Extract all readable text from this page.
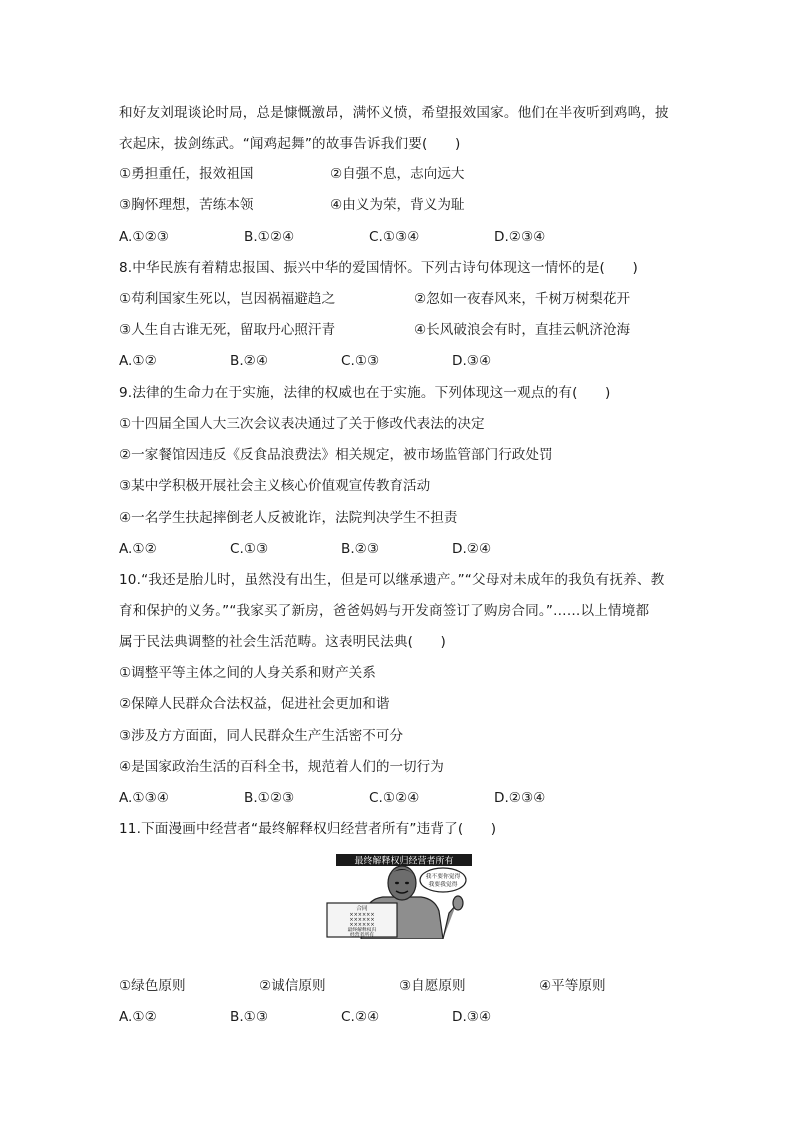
和好友刘琨谈论时局，总是慷慨激昂，满怀义愤，希望报效国家。他们在半夜听到鸡鸣，披
衣起床，拔剑练武。“闻鸡起舞”的故事告诉我们要(　　)
①勇担重任，报效祖国	②自强不息，志向远大
③胸怀理想，苦练本领	④由义为荣，背义为耻
A.①②③	B.①②④	C.①③④	D.②③④
8.中华民族有着精忠报国、振兴中华的爱国情怀。下列古诗句体现这一情怀的是(　　)
①苟利国家生死以，岂因祸福避趋之	②忽如一夜春风来，千树万树梨花开
③人生自古谁无死，留取丹心照汗青	④长风破浪会有时，直挂云帆济沧海
A.①②	B.②④	C.①③	D.③④
9.法律的生命力在于实施，法律的权威也在于实施。下列体现这一观点的有(　　)
①十四届全国人大三次会议表决通过了关于修改代表法的决定
②一家餐馆因违反《反食品浪费法》相关规定，被市场监管部门行政处罚
③某中学积极开展社会主义核心价值观宣传教育活动
④一名学生扶起摔倒老人反被讹诈，法院判决学生不担责
A.①②	C.①③	B.②③	D.②④
10.“我还是胎儿时，虽然没有出生，但是可以继承遗产。”“父母对未成年的我负有抚养、教
育和保护的义务。”“我家买了新房，爸爸妈妈与开发商签订了购房合同。”……以上情境都
属于民法典调整的社会生活范畴。这表明民法典(　　)
①调整平等主体之间的人身关系和财产关系
②保障人民群众合法权益，促进社会更加和谐
③涉及方方面面，同人民群众生产生活密不可分
④是国家政治生活的百科全书，规范着人们的一切行为
A.①③④	B.①②③	C.①②④	D.②③④
11.下面漫画中经营者“最终解释权归经营者所有”违背了(　　)
最终解释权归经营者所有
我不要你觉得
我要我觉得
合同
××××××
××××××
××××××
最终解释权归
经营者所有
①绿色原则	②诚信原则	③自愿原则	④平等原则
A.①②	B.①③	C.②④	D.③④
